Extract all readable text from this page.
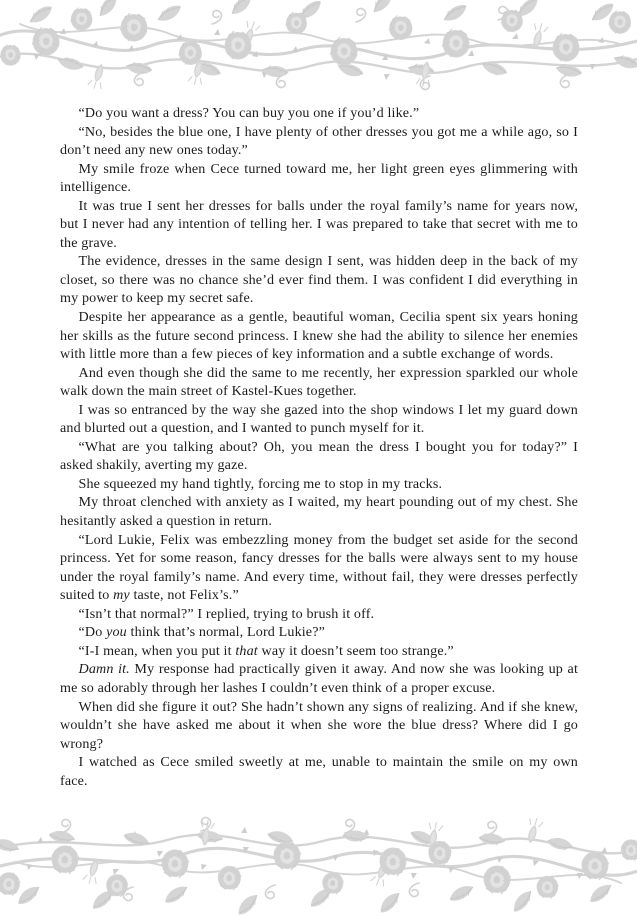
“Do you want a dress? You can buy you one if you’d like.”

“No, besides the blue one, I have plenty of other dresses you got me a while ago, so I don’t need any new ones today.”

My smile froze when Cece turned toward me, her light green eyes glimmering with intelligence.

It was true I sent her dresses for balls under the royal family’s name for years now, but I never had any intention of telling her. I was prepared to take that secret with me to the grave.

The evidence, dresses in the same design I sent, was hidden deep in the back of my closet, so there was no chance she’d ever find them. I was confident I did everything in my power to keep my secret safe.

Despite her appearance as a gentle, beautiful woman, Cecilia spent six years honing her skills as the future second princess. I knew she had the ability to silence her enemies with little more than a few pieces of key information and a subtle exchange of words.

And even though she did the same to me recently, her expression sparkled our whole walk down the main street of Kastel-Kues together.

I was so entranced by the way she gazed into the shop windows I let my guard down and blurted out a question, and I wanted to punch myself for it.

“What are you talking about? Oh, you mean the dress I bought you for today?” I asked shakily, averting my gaze.

She squeezed my hand tightly, forcing me to stop in my tracks.

My throat clenched with anxiety as I waited, my heart pounding out of my chest. She hesitantly asked a question in return.

“Lord Lukie, Felix was embezzling money from the budget set aside for the second princess. Yet for some reason, fancy dresses for the balls were always sent to my house under the royal family’s name. And every time, without fail, they were dresses perfectly suited to my taste, not Felix’s.”

“Isn’t that normal?” I replied, trying to brush it off.

“Do you think that’s normal, Lord Lukie?”

“I-I mean, when you put it that way it doesn’t seem too strange.”

Damn it. My response had practically given it away. And now she was looking up at me so adorably through her lashes I couldn’t even think of a proper excuse.

When did she figure it out? She hadn’t shown any signs of realizing. And if she knew, wouldn’t she have asked me about it when she wore the blue dress? Where did I go wrong?

I watched as Cece smiled sweetly at me, unable to maintain the smile on my own face.
